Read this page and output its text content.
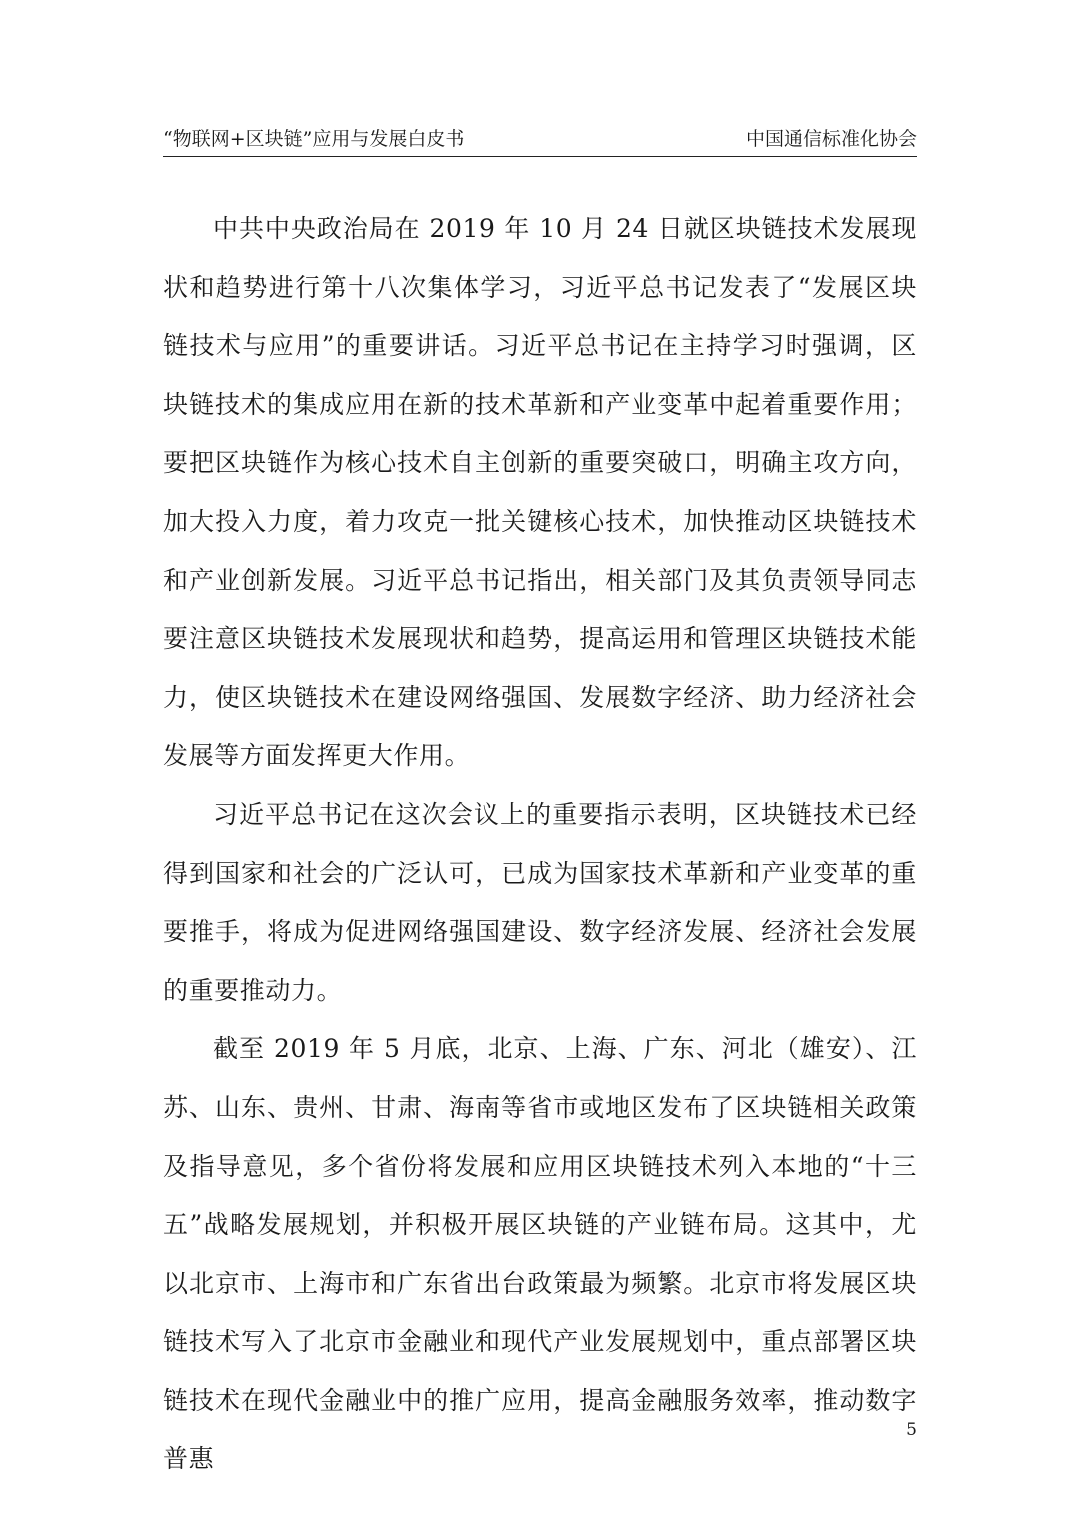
“物联网+区块链”应用与发展白皮书	中国通信标准化协会

中共中央政治局在 2019 年 10 月 24 日就区块链技术发展现状和趋势进行第十八次集体学习，习近平总书记发表了“发展区块链技术与应用”的重要讲话。习近平总书记在主持学习时强调，区块链技术的集成应用在新的技术革新和产业变革中起着重要作用；要把区块链作为核心技术自主创新的重要突破口，明确主攻方向，加大投入力度，着力攻克一批关键核心技术，加快推动区块链技术和产业创新发展。习近平总书记指出，相关部门及其负责领导同志要注意区块链技术发展现状和趋势，提高运用和管理区块链技术能力，使区块链技术在建设网络强国、发展数字经济、助力经济社会发展等方面发挥更大作用。

习近平总书记在这次会议上的重要指示表明，区块链技术已经得到国家和社会的广泛认可，已成为国家技术革新和产业变革的重要推手，将成为促进网络强国建设、数字经济发展、经济社会发展的重要推动力。

截至 2019 年 5 月底，北京、上海、广东、河北（雄安）、江苏、山东、贵州、甘肃、海南等省市或地区发布了区块链相关政策及指导意见，多个省份将发展和应用区块链技术列入本地的“十三五”战略发展规划，并积极开展区块链的产业链布局。这其中，尤以北京市、上海市和广东省出台政策最为频繁。北京市将发展区块链技术写入了北京市金融业和现代产业发展规划中，重点部署区块链技术在现代金融业中的推广应用，提高金融服务效率，推动数字普惠

5
